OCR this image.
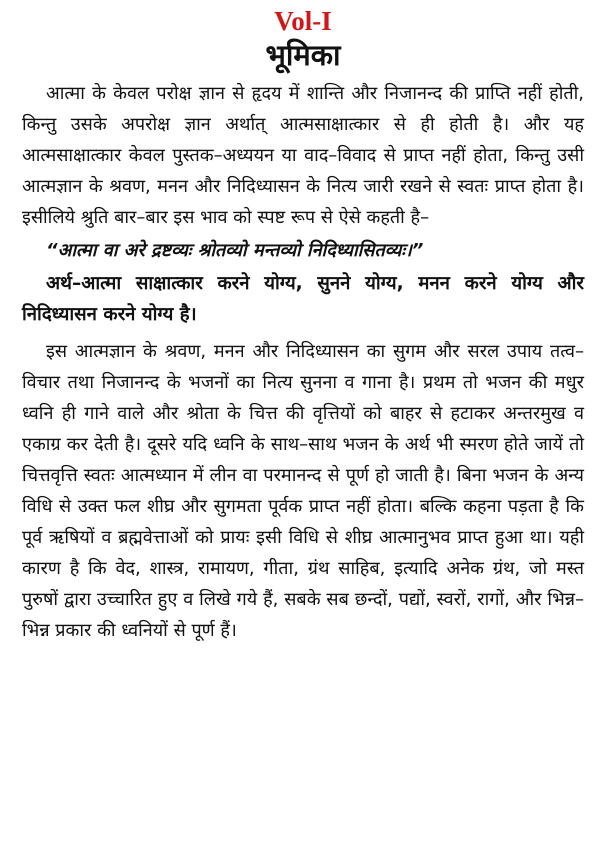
Vol-I
भूमिका

आत्मा के केवल परोक्ष ज्ञान से हृदय में शान्ति और निजानन्द की प्राप्ति नहीं होती, किन्तु उसके अपरोक्ष ज्ञान अर्थात् आत्मसाक्षात्कार से ही होती है। और यह आत्मसाक्षात्कार केवल पुस्तक–अध्ययन या वाद–विवाद से प्राप्त नहीं होता, किन्तु उसी आत्मज्ञान के श्रवण, मनन और निदिध्यासन के नित्य जारी रखने से स्वतः प्राप्त होता है। इसीलिये श्रुति बार–बार इस भाव को स्पष्ट रूप से ऐसे कहती है–

“आत्मा वा अरे द्रष्टव्यः श्रोतव्यो मन्तव्यो निदिध्यासितव्यः।”

अर्थ–आत्मा साक्षात्कार करने योग्य, सुनने योग्य, मनन करने योग्य और निदिध्यासन करने योग्य है।

इस आत्मज्ञान के श्रवण, मनन और निदिध्यासन का सुगम और सरल उपाय तत्व–विचार तथा निजानन्द के भजनों का नित्य सुनना व गाना है। प्रथम तो भजन की मधुर ध्वनि ही गाने वाले और श्रोता के चित्त की वृत्तियों को बाहर से हटाकर अन्तरमुख व एकाग्र कर देती है। दूसरे यदि ध्वनि के साथ–साथ भजन के अर्थ भी स्मरण होते जायें तो चित्तवृत्ति स्वतः आत्मध्यान में लीन वा परमानन्द से पूर्ण हो जाती है। बिना भजन के अन्य विधि से उक्त फल शीघ्र और सुगमता पूर्वक प्राप्त नहीं होता। बल्कि कहना पड़ता है कि पूर्व ऋषियों व ब्रह्मवेत्ताओं को प्रायः इसी विधि से शीघ्र आत्मानुभव प्राप्त हुआ था। यही कारण है कि वेद, शास्त्र, रामायण, गीता, ग्रंथ साहिब, इत्यादि अनेक ग्रंथ, जो मस्त पुरुषों द्वारा उच्चारित हुए व लिखे गये हैं, सबके सब छन्दों, पद्यों, स्वरों, रागों, और भिन्न–भिन्न प्रकार की ध्वनियों से पूर्ण हैं।
